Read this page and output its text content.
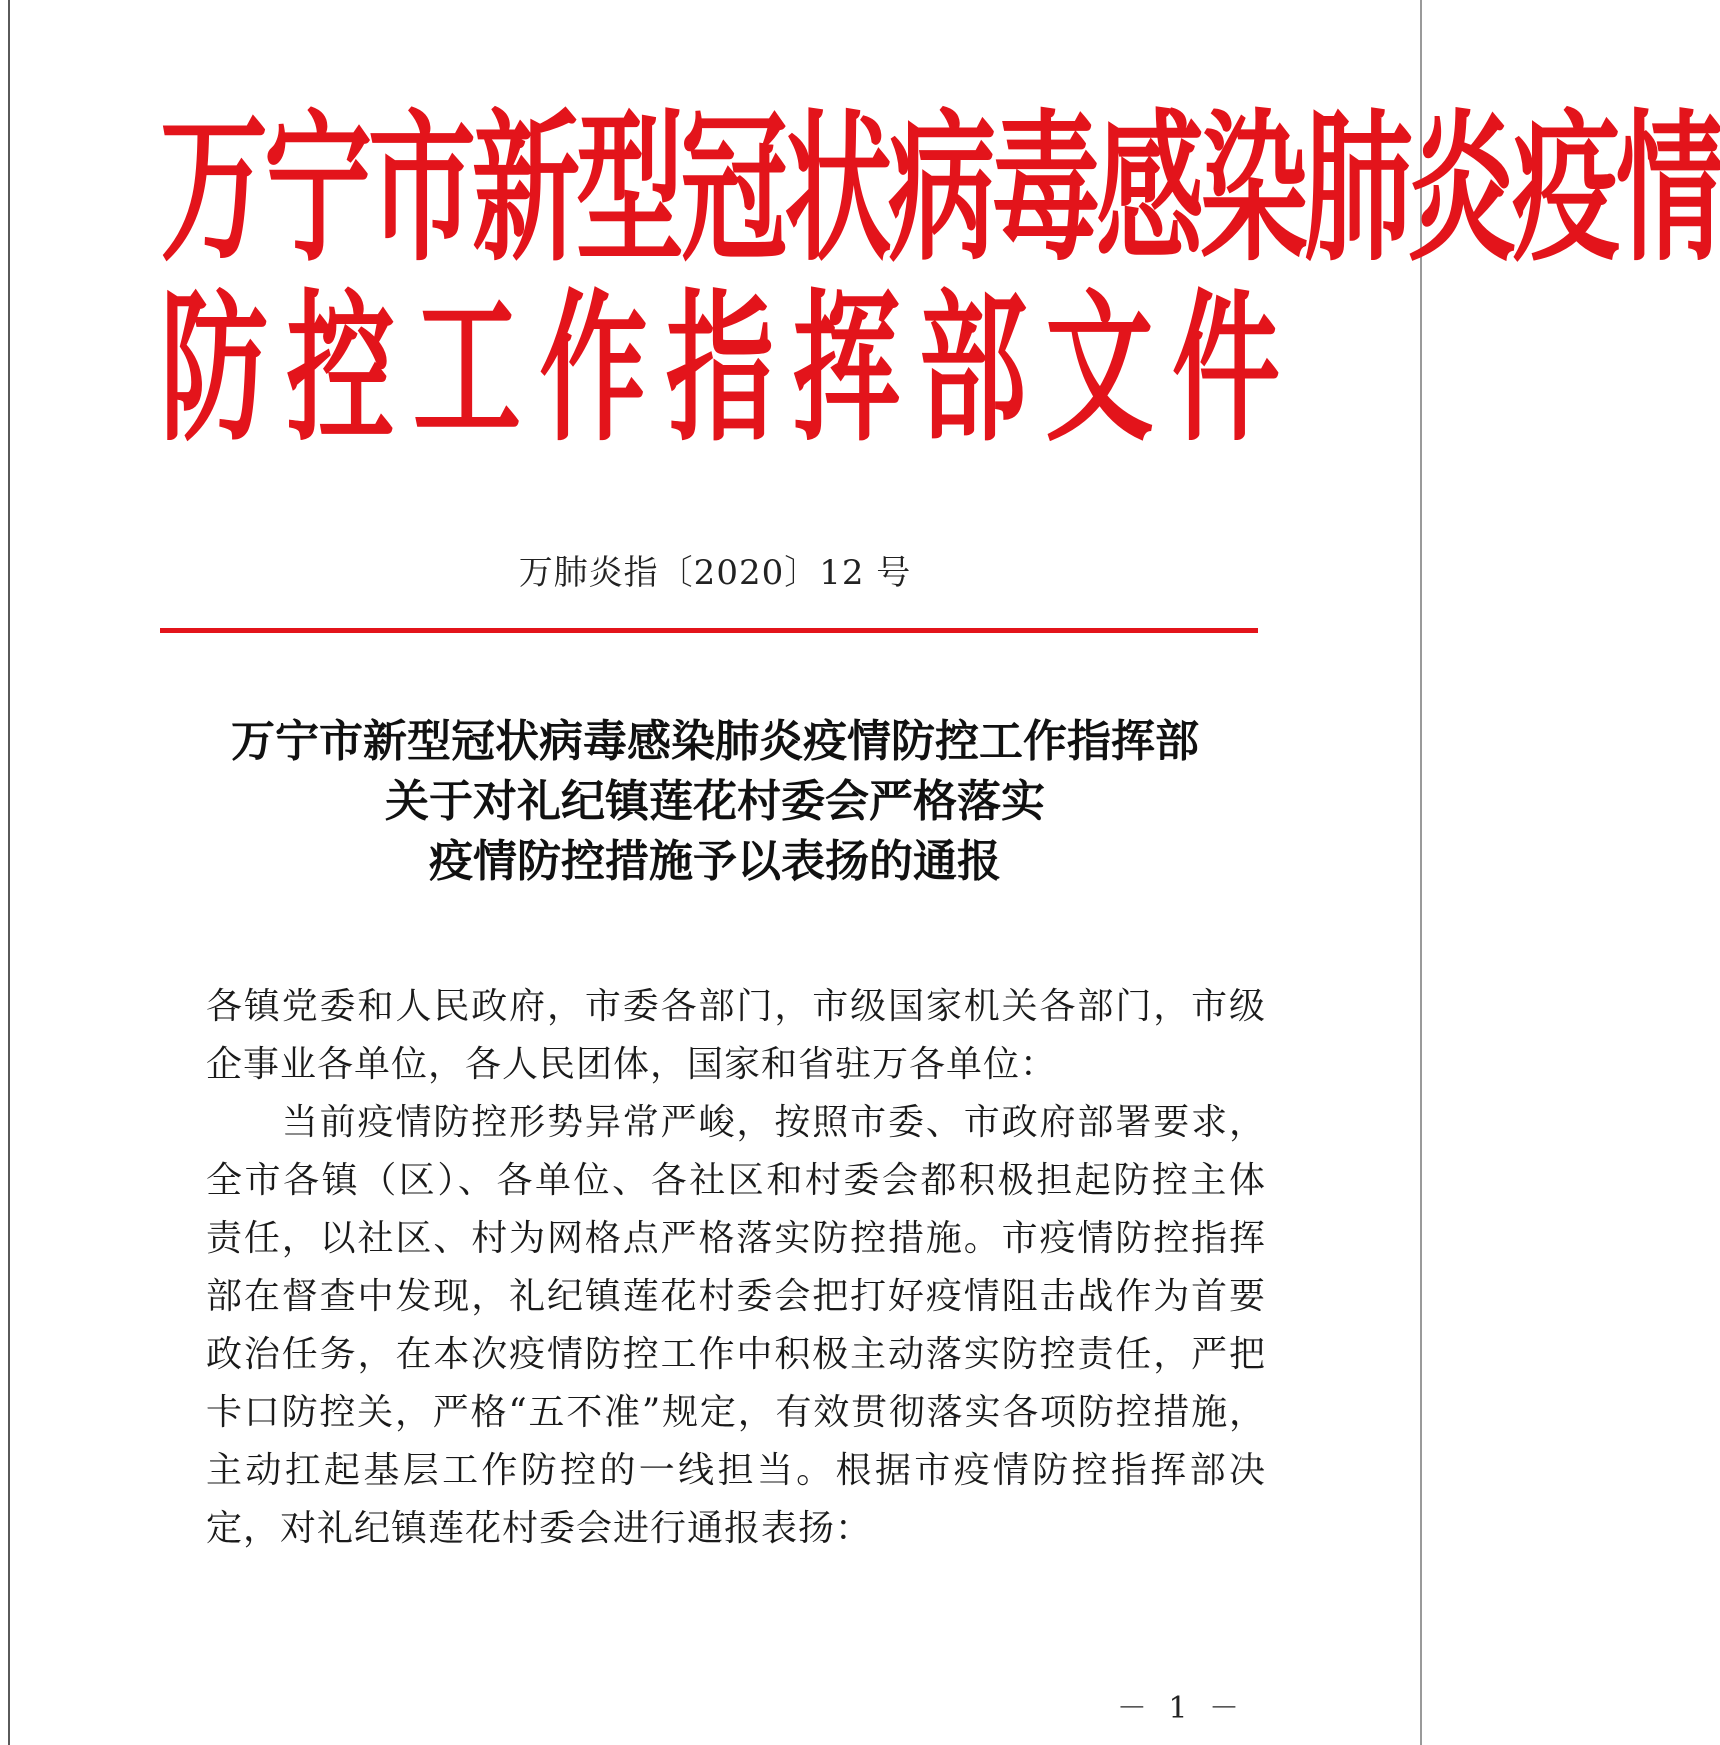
万宁市新型冠状病毒感染肺炎疫情
防控工作指挥部文件
万肺炎指〔2020〕12 号
万宁市新型冠状病毒感染肺炎疫情防控工作指挥部
关于对礼纪镇莲花村委会严格落实
疫情防控措施予以表扬的通报
各镇党委和人民政府，市委各部门，市级国家机关各部门，市级
企事业各单位，各人民团体，国家和省驻万各单位：
　　当前疫情防控形势异常严峻，按照市委、市政府部署要求，
全市各镇（区）、各单位、各社区和村委会都积极担起防控主体
责任，以社区、村为网格点严格落实防控措施。市疫情防控指挥
部在督查中发现，礼纪镇莲花村委会把打好疫情阻击战作为首要
政治任务，在本次疫情防控工作中积极主动落实防控责任，严把
卡口防控关，严格“五不准”规定，有效贯彻落实各项防控措施，
主动扛起基层工作防控的一线担当。根据市疫情防控指挥部决
定，对礼纪镇莲花村委会进行通报表扬：
－ 1 －
